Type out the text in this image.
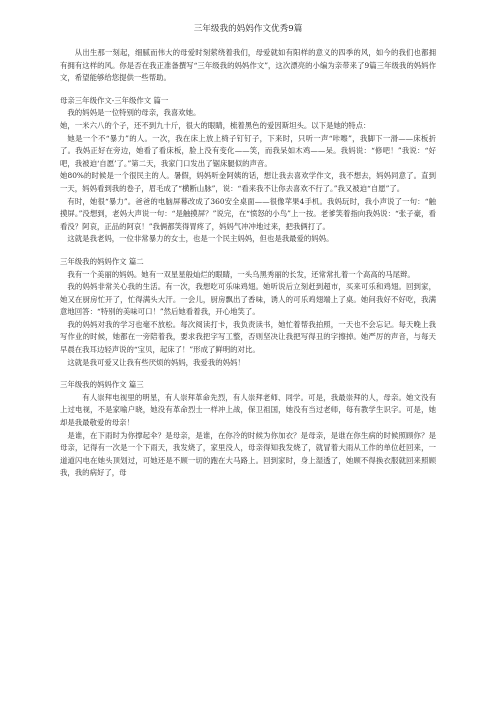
三年级我的妈妈作文优秀9篇

从出生那一刻起，细腻而伟大的母爱时刻萦绕着我们，母爱就如有阳样的意义的四季的风，如今的我们也都拥有拥有这样的风。你是否在我正准备撰写“三年级我的妈妈作文”，这次漂亮的小编为亲带来了9篇三年级我的妈妈作文，希望能够给您提供一些帮助。

母亲三年级作文-三年级作文 篇一

我的妈妈是一位特别的母亲，我喜欢她。

她，一米六八的个子，还不到九十斤，很大的眼睛，梳着黑色的爱因斯坦头。以下是她的特点：

她是一个不“暴力”的人。一次，我在床上放上椅子钉钉子，下来时，只听一声“咔嚓”，我脚下一滑——床板折了。我妈正好在旁边，她看了看床板，脸上没有变化——笑，而我呆如木鸡——呆。我妈说：“修吧！”我说：“好吧，我被迫‘自愿’了。”第二天，我家门口发出了锯床腿似的声音。

她80%的时候是一个很民主的人。暑假，妈妈听金阿姨的话，想让我去喜欢学作文，我不想去，妈妈同意了。直到一天，妈妈看到我的卷子，眉毛成了“横断山脉”，说：“看来我不让你去喜欢不行了。”我又被迫“自愿”了。

有时，她很“暴力”。爸爸的电脑屏幕改成了360安全桌面——很像苹果4手机。我妈玩时，我小声说了一句：“触摸屏。”没想到，老妈大声说一句：“是触摸屏？”说完，在“愤怒的小鸟”上一按。老爹笑着指向我妈说：“张子豪，看看没？阿哀，正品的阿哀！”我俩都笑得胃疼了，妈妈气冲冲地过来，把我俩打了。

这就是我老妈，一位非常暴力的女士，也是一个民主妈妈，但也是我最爱的妈妈。

三年级我的妈妈作文 篇二

我有一个美丽的妈妈。她有一双星星般灿烂的眼睛，一头乌黑秀丽的长发，还常常扎着一个高高的马尾辫。

我的妈妈非常关心我的生活。有一次，我想吃可乐味鸡翅。她听说后立刻赶到超市，买来可乐和鸡翅。回到家，她又在厨房忙开了，忙得满头大汗。一会儿，厨房飘出了香味，诱人的可乐鸡翅端上了桌。她问我好不好吃，我满意地回答：“特别的美味可口！”然后她看着我，开心地笑了。

我的妈妈对我的学习也毫不放松。每次阅读打卡，我负责读书，她忙着帮我拍照，一天也不会忘记。每天晚上我写作业的时候，她都在一旁陪着我，要求我把字写工整，否则坚决让我把写得丑的字擦掉。她严厉的声音，与每天早晨在我耳边轻声说的“宝贝，起床了！”形成了鲜明的对比。

这就是我可爱又让我有些厌烦的妈妈，我爱我的妈妈！

三年级我的妈妈作文 篇三

有人崇拜电视里的明星，有人崇拜革命先烈，有人崇拜老师、同学。可是，我最崇拜的人，母亲。她文没有上过电视，不是家喻户晓，她没有革命烈士一样冲上战，保卫祖国，她没有当过老师，每有教学生识字。可是，她却是我最敬爱的母亲！

是谁，在下雨时为你撑起伞？是母亲，是谁，在你冷的时候为你加衣？是母亲，是谁在你生病的时候照顾你？是母亲，记得有一次是一个下雨天，我发烧了，家里没人，母亲得知我发烧了，就冒着大雨从工作的单位赶回来，一道道闪电在她头顶划过，可她还是不顾一切的跑在大马路上。回到家时，身上湿透了，她顾不得换衣服就回来照顾我，我的病好了，母
